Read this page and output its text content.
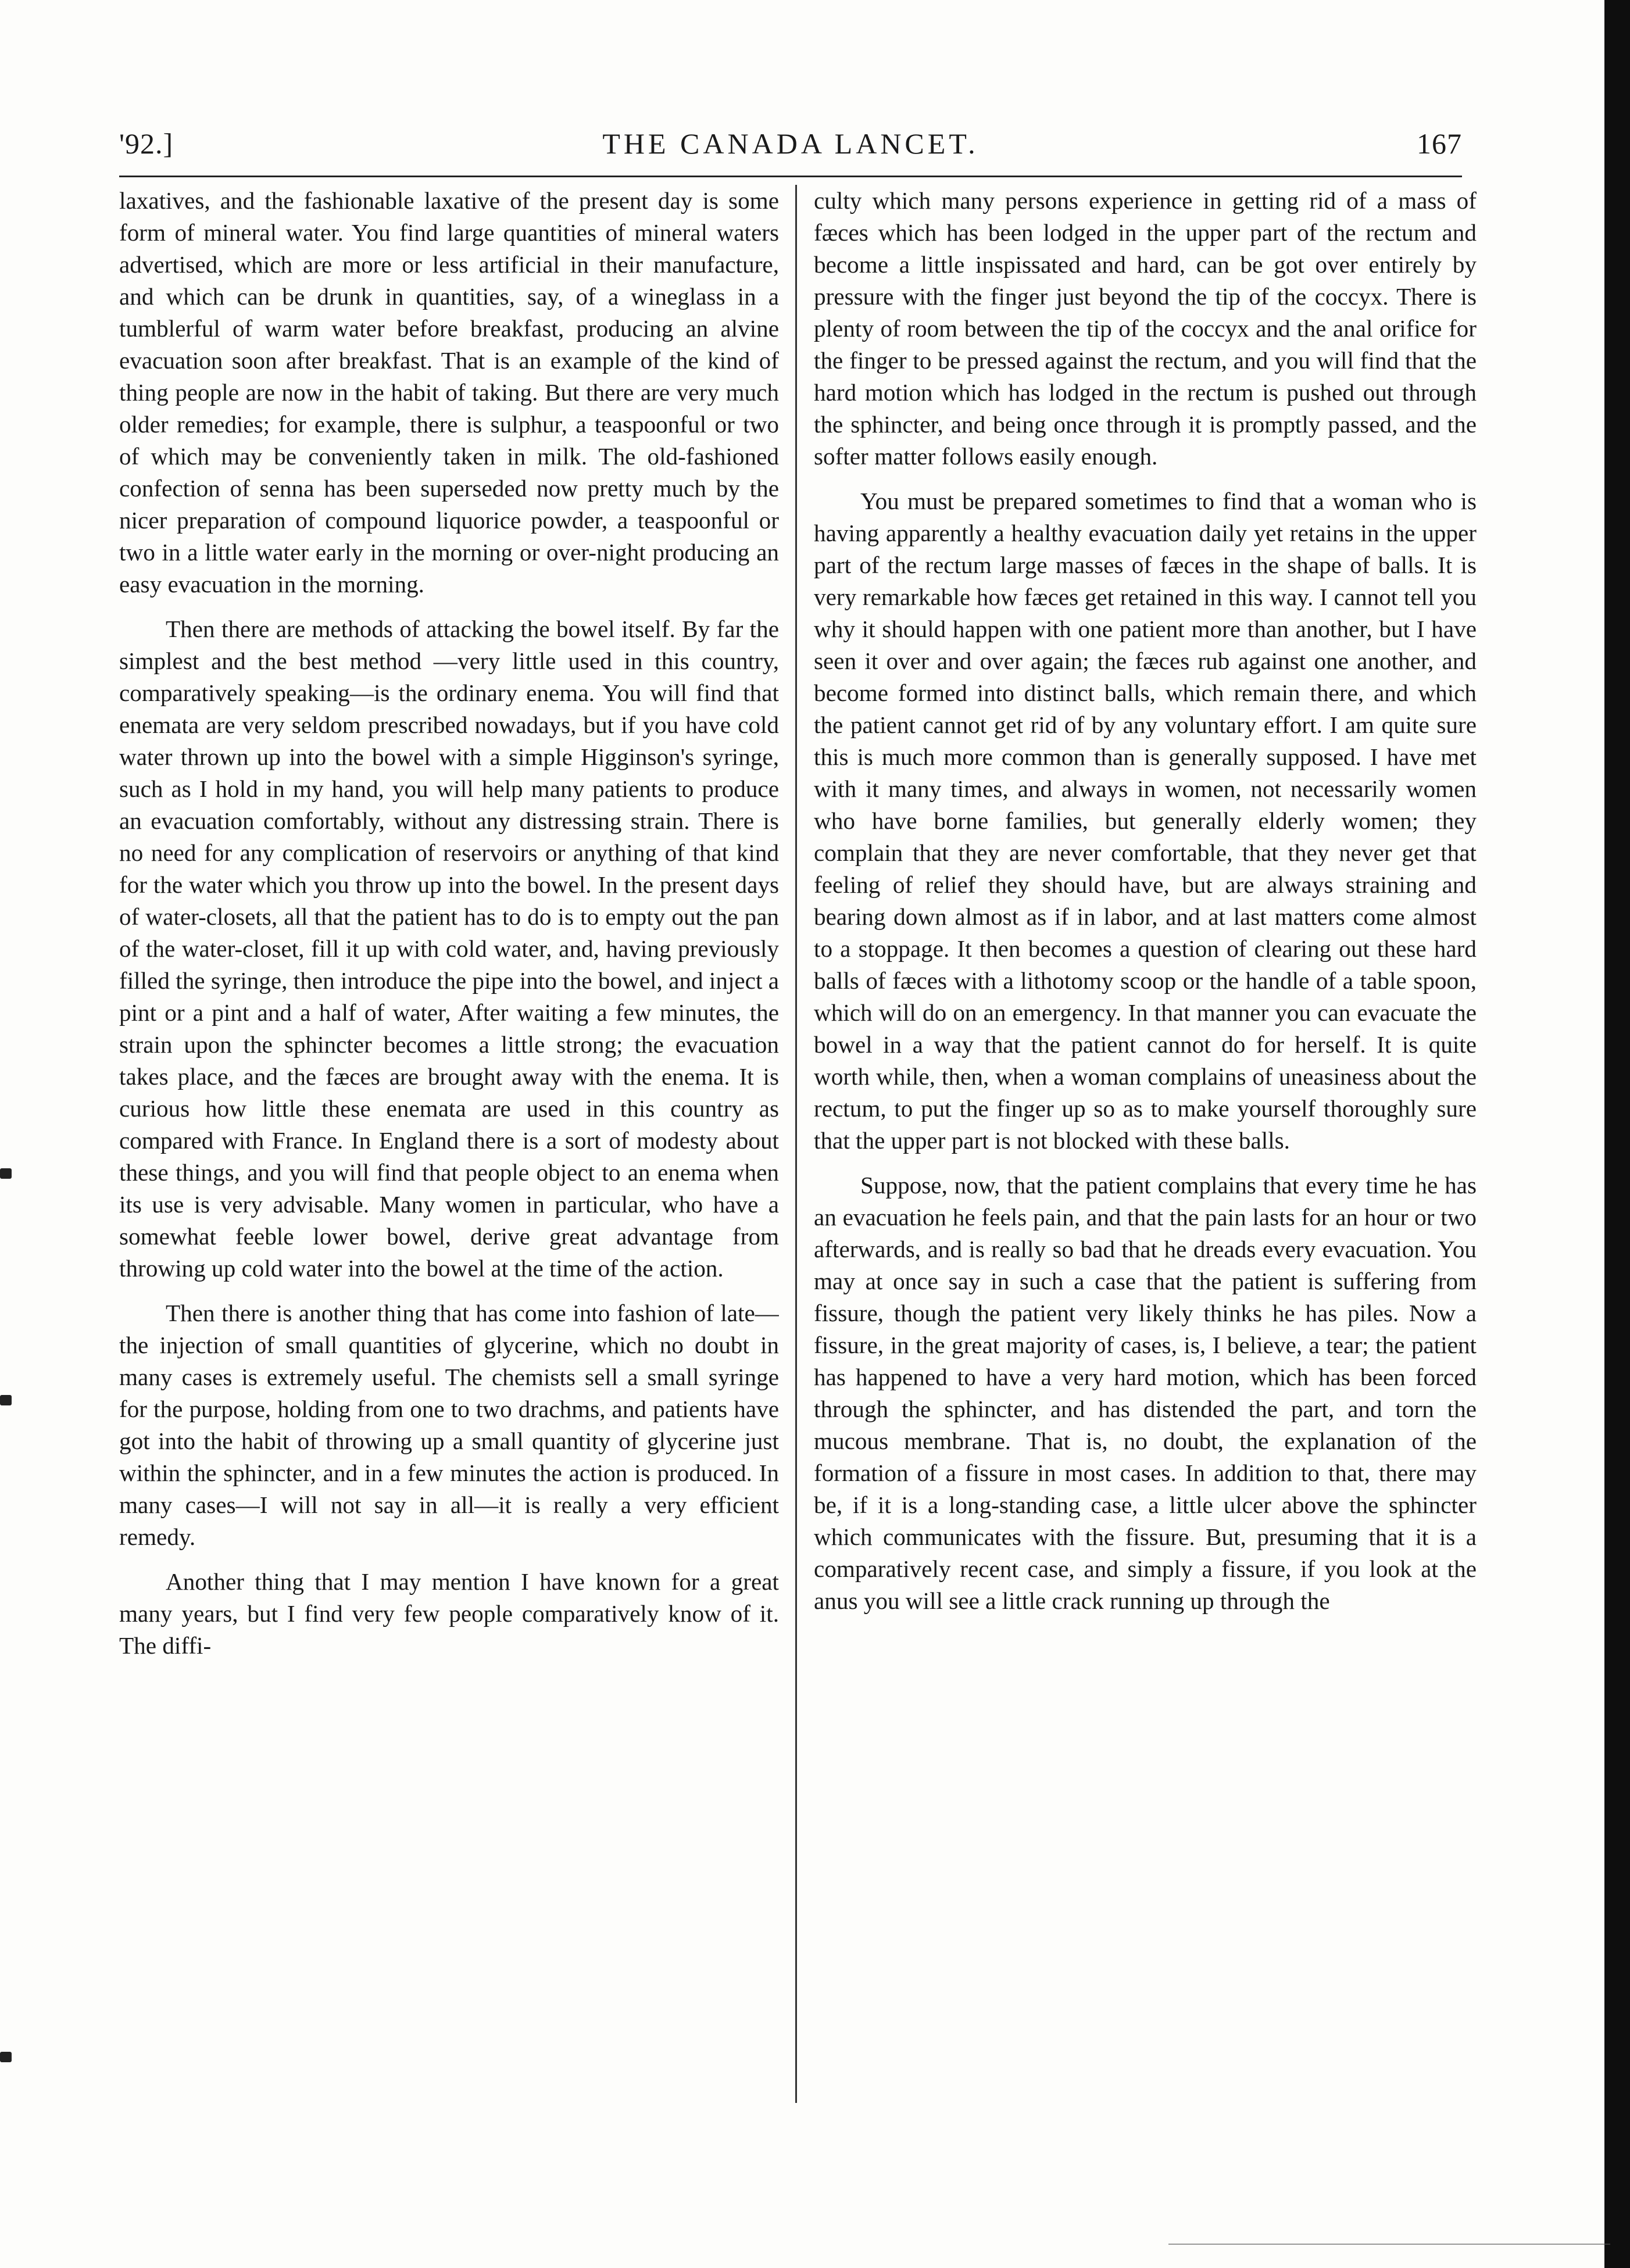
'92.]	THE CANADA LANCET.	167

laxatives, and the fashionable laxative of the present day is some form of mineral water. You find large quantities of mineral waters advertised, which are more or less artificial in their manufacture, and which can be drunk in quantities, say, of a wineglass in a tumblerful of warm water before breakfast, producing an alvine evacuation soon after breakfast. That is an example of the kind of thing people are now in the habit of taking. But there are very much older remedies; for example, there is sulphur, a teaspoonful or two of which may be conveniently taken in milk. The old-fashioned confection of senna has been superseded now pretty much by the nicer preparation of compound liquorice powder, a teaspoonful or two in a little water early in the morning or over-night producing an easy evacuation in the morning.

Then there are methods of attacking the bowel itself. By far the simplest and the best method —very little used in this country, comparatively speaking—is the ordinary enema. You will find that enemata are very seldom prescribed nowadays, but if you have cold water thrown up into the bowel with a simple Higginson's syringe, such as I hold in my hand, you will help many patients to produce an evacuation comfortably, without any distressing strain. There is no need for any complication of reservoirs or anything of that kind for the water which you throw up into the bowel. In the present days of water-closets, all that the patient has to do is to empty out the pan of the water-closet, fill it up with cold water, and, having previously filled the syringe, then introduce the pipe into the bowel, and inject a pint or a pint and a half of water, After waiting a few minutes, the strain upon the sphincter becomes a little strong; the evacuation takes place, and the fæces are brought away with the enema. It is curious how little these enemata are used in this country as compared with France. In England there is a sort of modesty about these things, and you will find that people object to an enema when its use is very advisable. Many women in particular, who have a somewhat feeble lower bowel, derive great advantage from throwing up cold water into the bowel at the time of the action.

Then there is another thing that has come into fashion of late—the injection of small quantities of glycerine, which no doubt in many cases is extremely useful. The chemists sell a small syringe for the purpose, holding from one to two drachms, and patients have got into the habit of throwing up a small quantity of glycerine just within the sphincter, and in a few minutes the action is produced. In many cases—I will not say in all—it is really a very efficient remedy.

Another thing that I may mention I have known for a great many years, but I find very few people comparatively know of it. The diffi-

culty which many persons experience in getting rid of a mass of fæces which has been lodged in the upper part of the rectum and become a little inspissated and hard, can be got over entirely by pressure with the finger just beyond the tip of the coccyx. There is plenty of room between the tip of the coccyx and the anal orifice for the finger to be pressed against the rectum, and you will find that the hard motion which has lodged in the rectum is pushed out through the sphincter, and being once through it is promptly passed, and the softer matter follows easily enough.

You must be prepared sometimes to find that a woman who is having apparently a healthy evacuation daily yet retains in the upper part of the rectum large masses of fæces in the shape of balls. It is very remarkable how fæces get retained in this way. I cannot tell you why it should happen with one patient more than another, but I have seen it over and over again; the fæces rub against one another, and become formed into distinct balls, which remain there, and which the patient cannot get rid of by any voluntary effort. I am quite sure this is much more common than is generally supposed. I have met with it many times, and always in women, not necessarily women who have borne families, but generally elderly women; they complain that they are never comfortable, that they never get that feeling of relief they should have, but are always straining and bearing down almost as if in labor, and at last matters come almost to a stoppage. It then becomes a question of clearing out these hard balls of fæces with a lithotomy scoop or the handle of a table spoon, which will do on an emergency. In that manner you can evacuate the bowel in a way that the patient cannot do for herself. It is quite worth while, then, when a woman complains of uneasiness about the rectum, to put the finger up so as to make yourself thoroughly sure that the upper part is not blocked with these balls.

Suppose, now, that the patient complains that every time he has an evacuation he feels pain, and that the pain lasts for an hour or two afterwards, and is really so bad that he dreads every evacuation. You may at once say in such a case that the patient is suffering from fissure, though the patient very likely thinks he has piles. Now a fissure, in the great majority of cases, is, I believe, a tear; the patient has happened to have a very hard motion, which has been forced through the sphincter, and has distended the part, and torn the mucous membrane. That is, no doubt, the explanation of the formation of a fissure in most cases. In addition to that, there may be, if it is a long-standing case, a little ulcer above the sphincter which communicates with the fissure. But, presuming that it is a comparatively recent case, and simply a fissure, if you look at the anus you will see a little crack running up through the
